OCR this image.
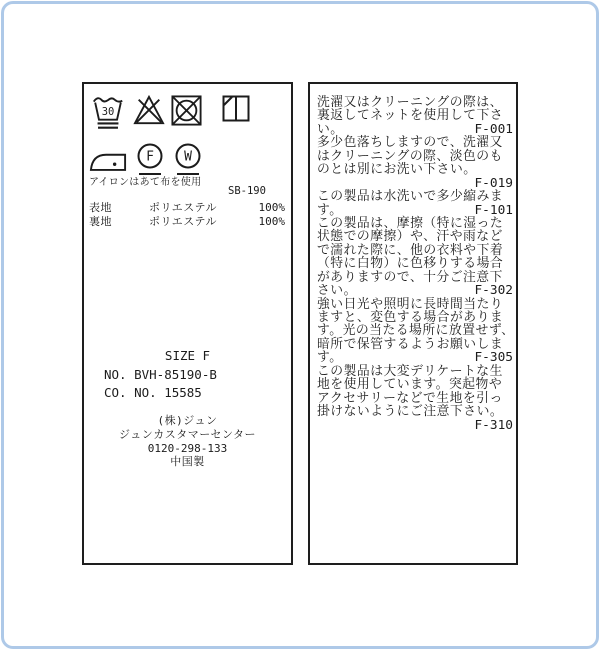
30
F W
アイロンはあて布を使用
SB-190
表地	ポリエステル	100%
裏地	ポリエステル	100%
SIZE F
NO. BVH-85190-B
CO. NO. 15585
(株)ジュン
ジュンカスタマーセンター
0120-298-133
中国製
洗濯又はクリーニングの際は、
裏返してネットを使用して下さ
い。	F-001
多少色落ちしますので、洗濯又
はクリーニングの際、淡色のも
のとは別にお洗い下さい。
F-019
この製品は水洗いで多少縮みま
す。	F-101
この製品は、摩擦（特に湿った
状態での摩擦）や、汗や雨など
で濡れた際に、他の衣料や下着
（特に白物）に色移りする場合
がありますので、十分ご注意下
さい。	F-302
強い日光や照明に長時間当たり
ますと、変色する場合がありま
す。光の当たる場所に放置せず、
暗所で保管するようお願いしま
す。	F-305
この製品は大変デリケートな生
地を使用しています。突起物や
アクセサリーなどで生地を引っ
掛けないようにご注意下さい。
F-310
